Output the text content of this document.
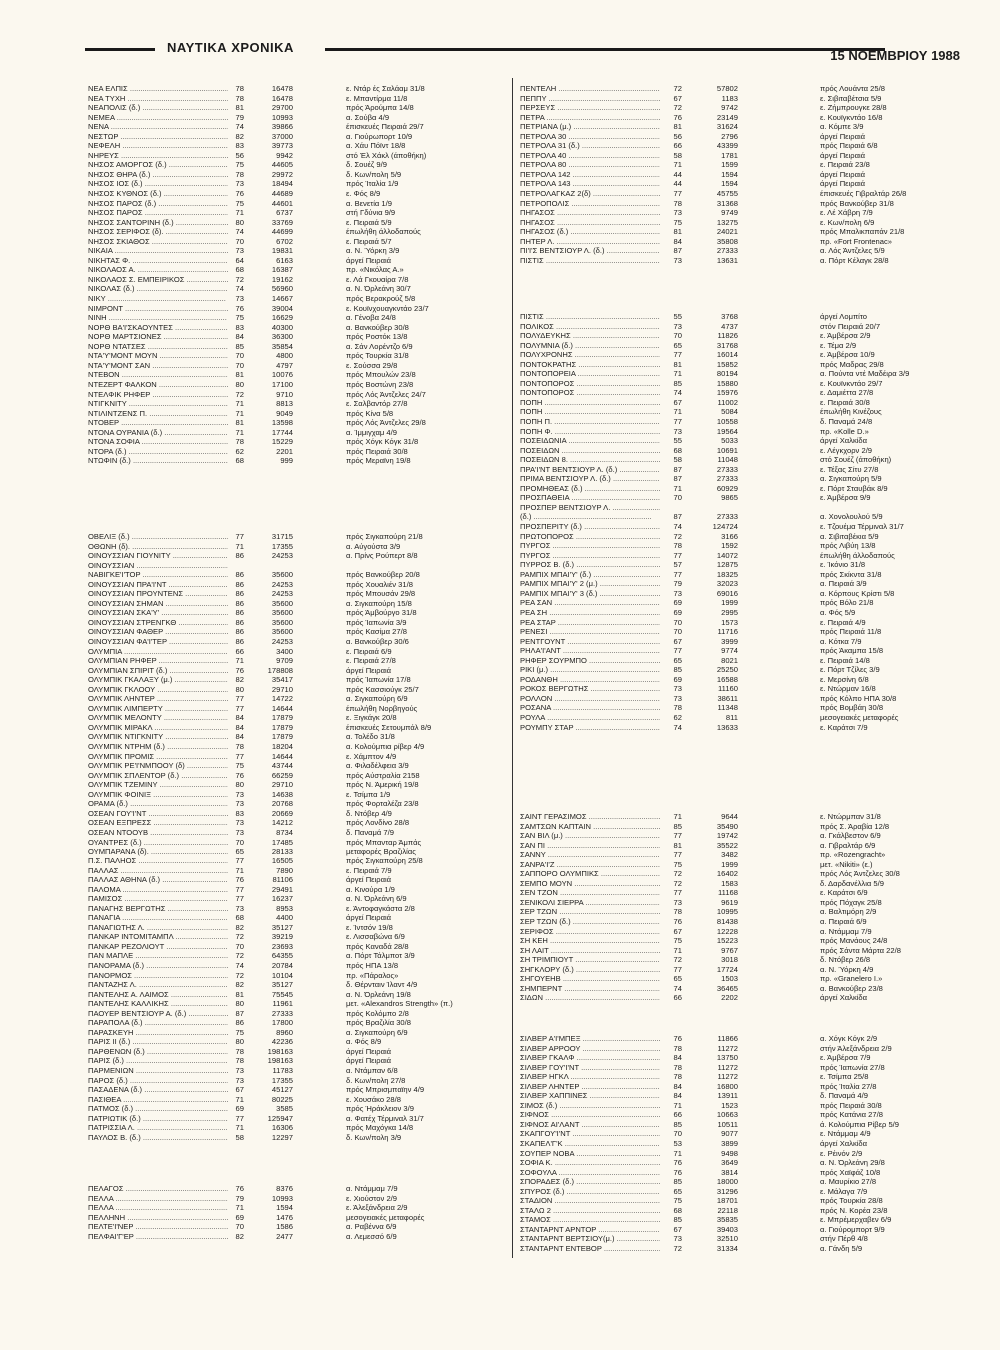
ΝΑΥΤΙΚΑ ΧΡΟΝΙΚΑ
15 ΝΟΕΜΒΡΙΟΥ 1988
ΝΕΑ ΕΛΠΙΣ .....	78	16478	ε. Ντάρ ές Σαλάαμ 31/8
ΝΕΑ ΤΥΧΗ .....	78	16478	ε. Μπαντίρμα 11/8
ΝΕΑΠΟΛΙΣ (δ.) .....	81	29700	πρός Άρούμπα 14/8
ΝΕΜΕΑ .....	79	10993	α. Σούβα 4/9
ΝΕΝΑ .....	74	39866	έπισκευές Πειραιά 29/7
ΝΕΣΤΩΡ .....	82	37000	α. Γιούρωπορτ 10/9
ΝΕΦΕΛΗ .....	83	39773	α. Χάυ Πόϊντ 18/8
ΝΗΡΕΥΣ .....	56	9942	στό Έλ Χάκλ (άποθήκη)
ΝΗΣΟΣ ΑΜΟΡΓΟΣ (δ.) .....	75	44605	δ. Σουέζ 9/9
ΝΗΣΟΣ ΘΗΡΑ (δ.) .....	78	29972	δ. Κων/πολη 5/9
ΝΗΣΟΣ ΙΟΣ (δ.) .....	73	18494	πρός Ίταλία 1/9
ΝΗΣΟΣ ΚΥΘΝΟΣ (δ.) .....	76	44689	ε. Φός 8/9
ΝΗΣΟΣ ΠΑΡΟΣ (δ.) .....	75	44601	α. Βενετία 1/9
ΝΗΣΟΣ ΠΑΡΟΣ .....	71	6737	στή Γδύνια 9/9
ΝΗΣΟΣ ΣΑΝΤΟΡΙΝΗ (δ.) .....	80	33769	ε. Πειραιά 5/9
ΝΗΣΟΣ ΣΕΡΙΦΟΣ (δ). .....	74	44699	έπωλήθη άλλοδαπούς
ΝΗΣΟΣ ΣΚΙΑΘΟΣ .....	70	6702	ε. Πειραιά 5/7
ΝΙΚΑΙΑ .....	73	19831	α. Ν. Ύόρκη 3/9
ΝΙΚΗΤΑΣ Φ. .....	64	6163	άργεί Πειραιά
ΝΙΚΟΛΑΟΣ Α. .....	68	16387	πρ. «Νικόλας Α.»
ΝΙΚΟΛΑΟΣ Σ. ΕΜΠΕΙΡΙΚΟΣ .....	72	19162	ε. Λά Γκουαίρα 7/8
ΝΙΚΟΛΑΣ (δ.) .....	74	56960	α. Ν. Όρλεάνη 30/7
ΝΙΚΥ .....	73	14667	πρός Βερακρούζ 5/8
ΝΙΜΡΟΝΤ .....	76	39004	ε. Κουϊνχουαγκντάο 23/7
ΝΙΝΗ .....	75	16629	α. Γένοβα 24/8
ΝΟΡΘ ΒΑ'Ι'ΣΚΑΟΥΝΤΕΣ .....	83	40300	α. Βανκούβερ 30/8
ΝΟΡΘ ΜΑΡΤΣΙΟΝΕΣ .....	84	36300	πρός Ροστόκ 13/8
ΝΟΡΘ ΝΤΑΤΣΕΣ .....	85	35854	α. Σάν Λορέντζο 6/9
ΝΤΑ'Υ'ΜΟΝΤ ΜΟΥΝ .....	70	4800	πρός Τουρκία 31/8
ΝΤΑ'Υ'ΜΟΝΤ ΣΑΝ .....	70	4797	ε. Σούσσα 29/8
ΝΤΕΒΟΝ .....	81	10076	πρός Μπουλών 23/8
ΝΤΕΖΕΡΤ ΦΑΛΚΟΝ .....	80	17100	πρός Βοστώνη 23/8
ΝΤΕΛΦΙΚ ΡΗΦΕΡ .....	72	9710	πρός Λός Άντζελες 24/7
ΝΤΙΓΚΝΙΤΥ .....	71	8813	ε. Σαλβαντόρ 27/8
ΝΤΙΛΙΝΤΖΕΝΣ Π. .....	71	9049	πρός Κίνα 5/8
ΝΤΟΒΕΡ .....	81	13598	πρός Λός Άντζελες 29/8
ΝΤΟΝΑ ΟΥΡΑΝΙΑ (δ.) .....	71	17744	α. Ίμμιγχαμ 4/9
ΝΤΟΝΑ ΣΟΦΙΑ .....	78	15229	πρός Χόγκ Κόγκ 31/8
ΝΤΟΡΑ (δ.) .....	62	2201	πρός Πειραιά 30/8
ΝΤΩΦΙΝ (δ.) .....	68	999	πρός Μεραϊνη 19/8
ΟΒΕΛΙΞ (δ.) .....	77	31715	πρός Σιγκαπούρη 21/8
ΟΘΩΝΗ (δ). .....	71	17355	α. Αύγούστα 3/9
ΟΙΝΟΥΣΣΙΑΝ ΓΙΟΥΝΙΤΥ .....	86	24253	α. Πρίνς Ρούπερτ 8/8
ΟΙΝΟΥΣΣΙΑΝ .....
ΝΑΒΙΓΚΕ'Ι'ΤΟΡ .....	86	35600	πρός Βανκούβερ 20/8
ΟΙΝΟΥΣΣΙΑΝ ΠΡΑ'Ι'ΝΤ .....	86	24253	πρός Χουαλιέν 31/8
ΟΙΝΟΥΣΣΙΑΝ ΠΡΟΥΝΤΕΝΣ .....	86	24253	πρός Μπουσάν 29/8
ΟΙΝΟΥΣΣΙΑΝ ΣΗΜΑΝ .....	86	35600	α. Σιγκαπούρη 15/8
ΟΙΝΟΥΣΣΙΑΝ ΣΚΑ'Υ' .....	86	35600	πρός Άμβούργο 31/8
ΟΙΝΟΥΣΣΙΑΝ ΣΤΡΕΝΓΚΘ .....	86	35600	πρός Ίαπωνία 3/9
ΟΙΝΟΥΣΣΙΑΝ ΦΑΘΕΡ .....	86	35600	πρός Κασίμα 27/8
ΟΙΝΟΥΣΣΙΑΝ ΦΑ'Ι'ΤΕΡ .....	86	24253	α. Βανκούβερ 30/6
ΟΛΥΜΠΙΑ .....	66	3400	ε. Πειραιά 6/9
ΟΛΥΜΠΙΑΝ ΡΗΦΕΡ .....	71	9709	ε. Πειραιά 27/8
ΟΛΥΜΠΙΑΝ ΣΠΙΡΙΤ (δ.) .....	76	178808	άργεί Πειραιά
ΟΛΥΜΠΙΚ ΓΚΑΛΑΞΥ (μ.) .....	82	35417	πρός Ίαπωνία 17/8
ΟΛΥΜΠΙΚ ΓΚΛΟΟΥ .....	80	29710	πρός Κασσιούγκ 25/7
ΟΛΥΜΠΙΚ ΛΗΝΤΕΡ .....	77	14722	α. Σιγκαπούρη 6/9
ΟΛΥΜΠΙΚ ΛΙΜΠΕΡΤΥ .....	77	14644	έπωλήθη Νορβηγούς
ΟΛΥΜΠΙΚ ΜΕΛΟΝΤΥ .....	84	17879	ε. Ξιγκάγκ 20/8
ΟΛΥΜΠΙΚ ΜΙΡΑΚΛ .....	84	17879	έπισκευές Σετουμπάλ 8/9
ΟΛΥΜΠΙΚ ΝΤΙΓΚΝΙΤΥ .....	84	17879	α. Τολέδο 31/8
ΟΛΥΜΠΙΚ ΝΤΡΗΜ (δ.) .....	78	18204	α. Κολούμπια ρίβερ 4/9
ΟΛΥΜΠΙΚ ΠΡΟΜΙΣ .....	77	14644	ε. Χάμπτον 4/9
ΟΛΥΜΠΙΚ ΡΕ'Ι'ΝΜΠΟΟΥ (δ) .....	75	43744	α. Φιλαδέλφεια 3/9
ΟΛΥΜΠΙΚ ΣΠΛΕΝΤΟΡ (δ.) .....	76	66259	πρός Αύστραλία 2158
ΟΛΥΜΠΙΚ ΤΖΕΜΙΝΥ .....	80	29710	πρός Ν. Άμερική 19/8
ΟΛΥΜΠΙΚ ΦΟΙΝΙΞ .....	73	14638	ε. Τσίμπα 1/9
ΟΡΑΜΑ (δ.) .....	73	20768	πρός Φορταλέζα 23/8
ΟΣΕΑΝ ΓΟΥ'Ι'ΝΤ .....	83	20669	δ. Ντόβερ 4/9
ΟΣΕΑΝ ΕΞΠΡΕΣΣ .....	73	14212	πρός Λονδίνο 28/8
ΟΣΕΑΝ ΝΤΟΟΥΒ .....	73	8734	δ. Παναμά 7/9
ΟΥΑΝΤΡΕΣ (δ.) .....	70	17485	πρός Μπανταρ Άμπάς
ΟΥΜΠΑΡΑΝΑ (δ). .....	65	28133	μεταφορές Βραζιλίας
Π.Σ. ΠΑΛΗΟΣ .....	77	16505	πρός Σιγκαπούρη 25/8
ΠΑΛΛΑΣ .....	71	7890	ε. Πειραιά 7/9
ΠΑΛΛΑΣ ΑΘΗΝΑ (δ.) .....	76	81106	άργεί Πειραιά
ΠΑΛΟΜΑ .....	77	29491	α. Κινούρα 1/9
ΠΑΜΙΣΟΣ .....	77	16237	α. Ν. Όρλεάνη 6/9
ΠΑΝΑΓΗΣ ΒΕΡΓΩΤΗΣ .....	73	8953	ε. Άντοφαγκάστα 2/8
ΠΑΝΑΓΙΑ .....	68	4400	άργεί Πειραιά
ΠΑΝΑΓΙΩΤΗΣ Λ. .....	82	35127	ε. Ίντσόν 19/8
ΠΑΝΚΑΡ ΙΝΤΟΜΙΤΑΜΠΛ .....	72	39219	ε. Λισσαβώνα 6/9
ΠΑΝΚΑΡ ΡΕΖΟΛΙΟΥΤ .....	70	23693	πρός Καναδά 28/8
ΠΑΝ ΜΑΠΛΕ .....	72	64355	α. Πόρτ Τάλμποτ 3/9
ΠΑΝΟΡΑΜΑ (δ.) .....	74	20784	πρός ΗΠΑ 13/8
ΠΑΝΟΡΜΟΣ .....	72	10104	πρ. «Πάραλος»
ΠΑΝΤΑΖΗΣ Λ. .....	82	35127	δ. Θέρνταιν Ίλαντ 4/9
ΠΑΝΤΕΛΗΣ Α. ΛΑΙΜΟΣ .....	81	75545	α. Ν. Όρλεάνη 19/8
ΠΑΝΤΕΛΗΣ ΚΑΛΛΙΚΗΣ .....	80	11961	μετ. «Alexandros Strength» (π.)
ΠΑΟΥΕΡ ΒΕΝΤΣΙΟΥΡ Α. (δ.) .....	87	27333	πρός Κολόμπο 2/8
ΠΑΡΑΠΟΛΑ (δ.) .....	86	17800	πρός Βραζιλία 30/8
ΠΑΡΑΣΚΕΥΗ .....	75	8960	α. Σιγκαπούρη 6/9
ΠΑΡΙΣ ΙΙ (δ.) .....	80	42236	α. Φός 8/9
ΠΑΡΘΕΝΩΝ (δ.) .....	78	198163	άργεί Πειραιά
ΠΑΡΙΣ (δ.) .....	78	198163	άργεί Πειραιά
ΠΑΡΜΕΝΙΩΝ .....	73	11783	α. Ντάμπαν 6/8
ΠΑΡΟΣ (δ.) .....	73	17355	δ. Κων/πολη 27/8
ΠΑΣΑΔΕΝΑ (δ.) .....	67	45127	πρός Μπρισμπαϊην 4/9
ΠΑΣΙΘΕΑ .....	71	80225	ε. Χουσάκο 28/8
ΠΑΤΜΟΣ (δ.) .....	69	3585	πρός Ήράκλειον 3/9
ΠΑΤΡΙΩΤΙΚ (δ.) .....	77	125947	α. Φατέχ Τέρμιναλ 31/7
ΠΑΤΡΙΣΣΙΑ Λ. .....	71	16306	πρός Μαχόγκα 14/8
ΠΑΥΛΟΣ Β. (δ.) .....	58	12297	δ. Κων/πολη 3/9
ΠΕΛΑΓΟΣ .....	76	8376	α. Ντάμμαμ 7/9
ΠΕΛΛΑ .....	79	10993	ε. Χιούστον 2/9
ΠΕΛΛΑ .....	71	1594	ε. Άλεξάνδρεια 2/9
ΠΕΛΛΗΝΗ .....	69	1476	μεσογειακές μεταφορές
ΠΕΛΤΕ'Ι'ΝΕΡ .....	70	1586	α. Ραβέννα 6/9
ΠΕΛΦΑΙ'Γ'ΕΡ .....	82	2477	α. Λεμεσσό 6/9
ΠΕΝΤΕΛΗ .....	72	57802	πρός Λουάντα 25/8
ΠΕΠΠΥ .....	67	1183	ε. Σιβιταβέτσια 5/9
ΠΕΡΣΕΥΣ .....	72	9742	ε. Ζήμπρουγκε 28/8
ΠΕΤΡΑ .....	76	23149	ε. Κουϊγκντάο 16/8
ΠΕΤΡΙΑΝΑ (μ.) .....	81	31624	α. Κόμπε 3/9
ΠΕΤΡΟΛΑ 30 .....	56	2796	άργεί Πειραιά
ΠΕΤΡΟΛΑ 31 (δ.) .....	66	43399	πρός Πειραιά 6/8
ΠΕΤΡΟΛΑ 40 .....	58	1781	άργεί Πειραιά
ΠΕΤΡΟΛΑ 80 .....	71	1599	ε. Πειραιά 23/8
ΠΕΤΡΟΛΑ 142 .....	44	1594	άργεί Πειραιά
ΠΕΤΡΟΛΑ 143 .....	44	1594	άργεί Πειραιά
ΠΕΤΡΟΛΑΓΚΑΖ 2(δ) .....	77	45755	έπισκευές Γιβραλτάρ 26/8
ΠΕΤΡΟΠΟΛΙΣ .....	78	31368	πρός Βανκούβερ 31/8
ΠΗΓΑΣΟΣ .....	73	9749	ε. Λέ Χάβρη 7/9
ΠΗΓΑΣΟΣ .....	75	13275	ε. Κων/πολη 6/9
ΠΗΓΑΣΟΣ (δ.) .....	81	24021	πρός Μπαλικπαπάν 21/8
ΠΗΤΕΡ Λ. .....	84	35808	πρ. «Fort Frontenac»
ΠΙ'Ι'Σ ΒΕΝΤΣΙΟΥΡ Λ. (δ.) .....	87	27333	α. Λός Άντζελες 5/9
ΠΙΣΤΙΣ .....	73	13631	α. Πόρτ Κέλαγκ 28/8
ΠΙΣΤΙΣ .....	55	3768	άργεί Λομπίτο
ΠΟΛΙΚΟΣ .....	73	4737	στόν Πειραιά 20/7
ΠΟΛΥΔΕΥΚΗΣ .....	70	11826	ε. Άμβέρσα 2/9
ΠΟΛΥΜΝΙΑ (δ.) .....	65	31768	ε. Τέμα 2/9
ΠΟΛΥΧΡΟΝΗΣ .....	77	16014	ε. Άμβέρσα 10/9
ΠΟΝΤΟΚΡΑΤΗΣ .....	81	15852	πρός Μαδρας 29/8
ΠΟΝΤΟΠΟΡΕΙΑ .....	71	80194	α. Πούντα ντέ Μαδέιρα 3/9
ΠΟΝΤΟΠΟΡΟΣ .....	85	15880	ε. Κουϊνκντάο 29/7
ΠΟΝΤΟΠΟΡΟΣ .....	74	15976	ε. Δαμιέττα 27/8
ΠΟΠΗ .....	67	11002	ε. Πειραιά 30/8
ΠΟΠΗ .....	71	5084	έπωλήθη Κινέζους
ΠΟΠΗ Π. .....	77	10558	δ. Παναμά 24/8
ΠΟΠΗ Φ. .....	73	19564	πρ. «Kolle D.»
ΠΟΣΕΙΔΩΝΙΑ .....	55	5033	άργεί Χαλκίδα
ΠΟΣΕΙΔΩΝ .....	68	10691	ε. Λέγκχορν 2/9
ΠΟΣΕΙΔΩΝ 8. .....	58	11048	στό Σουέζ (άποθήκη)
ΠΡΑ'Ι'ΝΤ ΒΕΝΤΣΙΟΥΡ Λ. (δ.) .....	87	27333	ε. Τέξας Σίτυ 27/8
ΠΡΙΜΑ ΒΕΝΤΣΙΟΥΡ Λ. (δ.) .....	87	27333	α. Σιγκαπούρη 5/9
ΠΡΟΜΗΘΕΑΣ (δ.) .....	71	60929	ε. Πόρτ Σταυβάκ 8/9
ΠΡΟΣΠΑΘΕΙΑ .....	70	9865	ε. Άμβέρσα 9/9
ΠΡΟΣΠΕΡ ΒΕΝΤΣΙΟΥΡ Λ. .....
(δ.) .....	87	27333	α. Χονολουλού 5/9
ΠΡΟΣΠΕΡΙΤΥ (δ.) .....	74	124724	ε. Τζουέμα Τέρμιναλ 31/7
ΠΡΩΤΟΠΟΡΟΣ .....	72	3166	α. Σιβιταβέκια 5/9
ΠΥΡΓΟΣ .....	78	1592	πρός Λιβύη 13/8
ΠΥΡΓΟΣ .....	77	14072	έπωλήθη άλλοδαπούς
ΠΥΡΡΟΣ Β. (δ.) .....	57	12875	ε. Ίκόνιο 31/8
ΡΑΜΠΙΧ ΜΠΑΙ'Υ' (δ.) .....	77	18325	πρός Σκίκντα 31/8
ΡΑΜΠΙΧ ΜΠΑΙ'Υ' 2 (μ.) .....	79	32023	α. Πειραιά 3/9
ΡΑΜΠΙΧ ΜΠΑΙ'Υ' 3 (δ.) .....	73	69016	α. Κόρπους Κρίστι 5/8
ΡΕΑ ΣΑΝ .....	69	1999	πρός Βόλο 21/8
ΡΕΑ ΣΗ .....	69	2995	α. Φός 5/9
ΡΕΑ ΣΤΑΡ .....	70	1573	ε. Πειραιά 4/9
ΡΕΝΕΣΙ .....	70	11716	πρός Πειραιά 11/8
ΡΕΝΤΓΟΥΝΤ .....	67	3999	α. Κότκα 7/9
ΡΗΛΑ'Ι'ΑΝΤ .....	77	9774	πρός Άκαμπα 15/8
ΡΗΦΕΡ ΣΟΥΡΜΠΟ .....	65	8021	ε. Πειραιά 14/8
ΡΙΚΙ (μ.) .....	85	25250	ε. Πόρτ Τζίλες 3/9
ΡΟΔΑΝΘΗ .....	69	16588	ε. Μερσίνη 6/8
ΡΟΚΟΣ ΒΕΡΓΩΤΗΣ .....	73	11160	ε. Ντώρμαν 16/8
ΡΟΛΛΟΝ .....	73	38611	πρός Κόλπο ΗΠΑ 30/8
ΡΟΣΑΝΑ .....	78	11348	πρός Βομβάη 30/8
ΡΟΥΛΑ .....	62	811	μεσογειακές μεταφορές
ΡΟΥΜΠΥ ΣΤΑΡ .....	74	13633	ε. Καράτσι 7/9
ΣΑΙΝΤ ΓΕΡΑΣΙΜΟΣ .....	71	9644	ε. Ντώρμπαν 31/8
ΣΑΜΤΣΩΝ ΚΑΠΤΑΙΝ .....	85	35490	πρός Σ. Άραβία 12/8
ΣΑΝ ΒΙΛ (μ.) .....	77	19742	α. Γκάλβεστον 6/9
ΣΑΝ ΠΙ .....	81	35522	α. Γιβραλτάρ 6/9
ΣΑΝΝΥ .....	77	3482	πρ. «Rozengracht»
ΣΑΝΡΑ'Ι'Ζ .....	75	1999	μετ. «Nikiti» (ε.)
ΣΑΠΠΟΡΟ ΟΛΥΜΠΙΚΣ .....	72	16402	πρός Λός Άντζελες 30/8
ΣΕΜΠΟ ΜΟΥΝ .....	72	1583	δ. Δαρδανέλλια 5/9
ΣΕΝ ΤΖΟΝ .....	77	11168	ε. Καράτσι 6/9
ΣΕΝΙΚΟΛΙ ΣΙΕΡΡΑ .....	73	9619	πρός Πόχαγκ 25/8
ΣΕΡ ΤΖΩΝ .....	78	10995	α. Βαλτιμόρη 2/9
ΣΕΡ ΤΖΩΝ (δ.) .....	76	81438	α. Πειραιά 6/9
ΣΕΡΙΦΟΣ .....	67	12228	α. Ντάμμαμ 7/9
ΣΗ ΚΕΗ .....	75	15223	πρός Μανάους 24/8
ΣΗ ΛΑΙΤ .....	71	9767	πρός Σάντα Μάρτα 22/8
ΣΗ ΤΡΙΜΠΙΟΥΤ .....	72	3018	δ. Ντόβερ 26/8
ΣΗΓΚΛΟΡΥ (δ.) .....	77	17724	α. Ν. Ύόρκη 4/9
ΣΗΓΟΥΕΗΒ .....	65	1503	πρ. «Granelero I.»
ΣΗΜΠΕΡΝΤ .....	74	36465	α. Βανκούβερ 23/8
ΣΙΔΩΝ .....	66	2202	άργεί Χαλκίδα
ΣΙΛΒΕΡ Α'Ι'ΜΠΕΞ .....	76	11866	α. Χόγκ Κόγκ 2/9
ΣΙΛΒΕΡ ΑΡΡΟΟΥ .....	78	11272	στήν Άλεξάνδρεια 2/9
ΣΙΛΒΕΡ ΓΚΑΛΦ .....	84	13750	ε. Άμβέρσα 7/9
ΣΙΛΒΕΡ ΓΟΥ'Ι'ΝΤ .....	78	11272	πρός Ίαπωνία 27/8
ΣΙΛΒΕΡ ΗΓΚΛ .....	78	11272	ε. Τσίμπα 25/8
ΣΙΛΒΕΡ ΛΗΝΤΕΡ .....	84	16800	πρός Ίταλία 27/8
ΣΙΛΒΕΡ ΧΑΠΠΙΝΕΣ .....	84	13911	δ. Παναμά 4/9
ΣΙΜΟΣ (δ.) .....	71	1523	πρός Πειραιά 30/8
ΣΙΦΝΟΣ .....	66	10663	πρός Κατάνια 27/8
ΣΙΦΝΟΣ ΑΙ'ΛΑΝΤ .....	85	10511	ά. Κολούμπια Ρίβερ 5/9
ΣΚΑΠΓΟΥ'Ι'ΝΤ .....	70	9077	ε. Ντάμμαμ 4/9
ΣΚΑΠΕΛ'Γ'Κ .....	53	3899	άργεί Χαλκίδα
ΣΟΥΠΕΡ ΝΟΒΑ .....	71	9498	ε. Ρέινόν 2/9
ΣΟΦΙΑ Κ. .....	76	3649	α. Ν. Όρλεάνη 29/8
ΣΟΦΟΥΛΑ .....	76	3814	πρός Χαϊφάζ 10/8
ΣΠΟΡΑΔΕΣ (δ.) .....	85	18000	α. Μαυρίκιο 27/8
ΣΠΥΡΟΣ (δ.) .....	65	31296	ε. Μάλαγα 7/9
ΣΤΑΔΙΟΝ .....	75	18701	πρός Τουρκία 28/8
ΣΤΑΛΩ 2 .....	68	22118	πρός Ν. Κορέα 23/8
ΣΤΑΜΟΣ .....	85	35835	ε. Μπρέμερχαβεν 6/9
ΣΤΑΝΤΑΡΝΤ ΑΡΝΤΟΡ .....	67	39403	α. Γιούρομπορτ 9/9
ΣΤΑΝΤΑΡΝΤ ΒΕΡΤΣΙΟΥ(μ.) .....	73	32510	στήν Πέρθ 4/8
ΣΤΑΝΤΑΡΝΤ ΕΝΤΕΒΟΡ .....	72	31334	α. Γάνδη 5/9
